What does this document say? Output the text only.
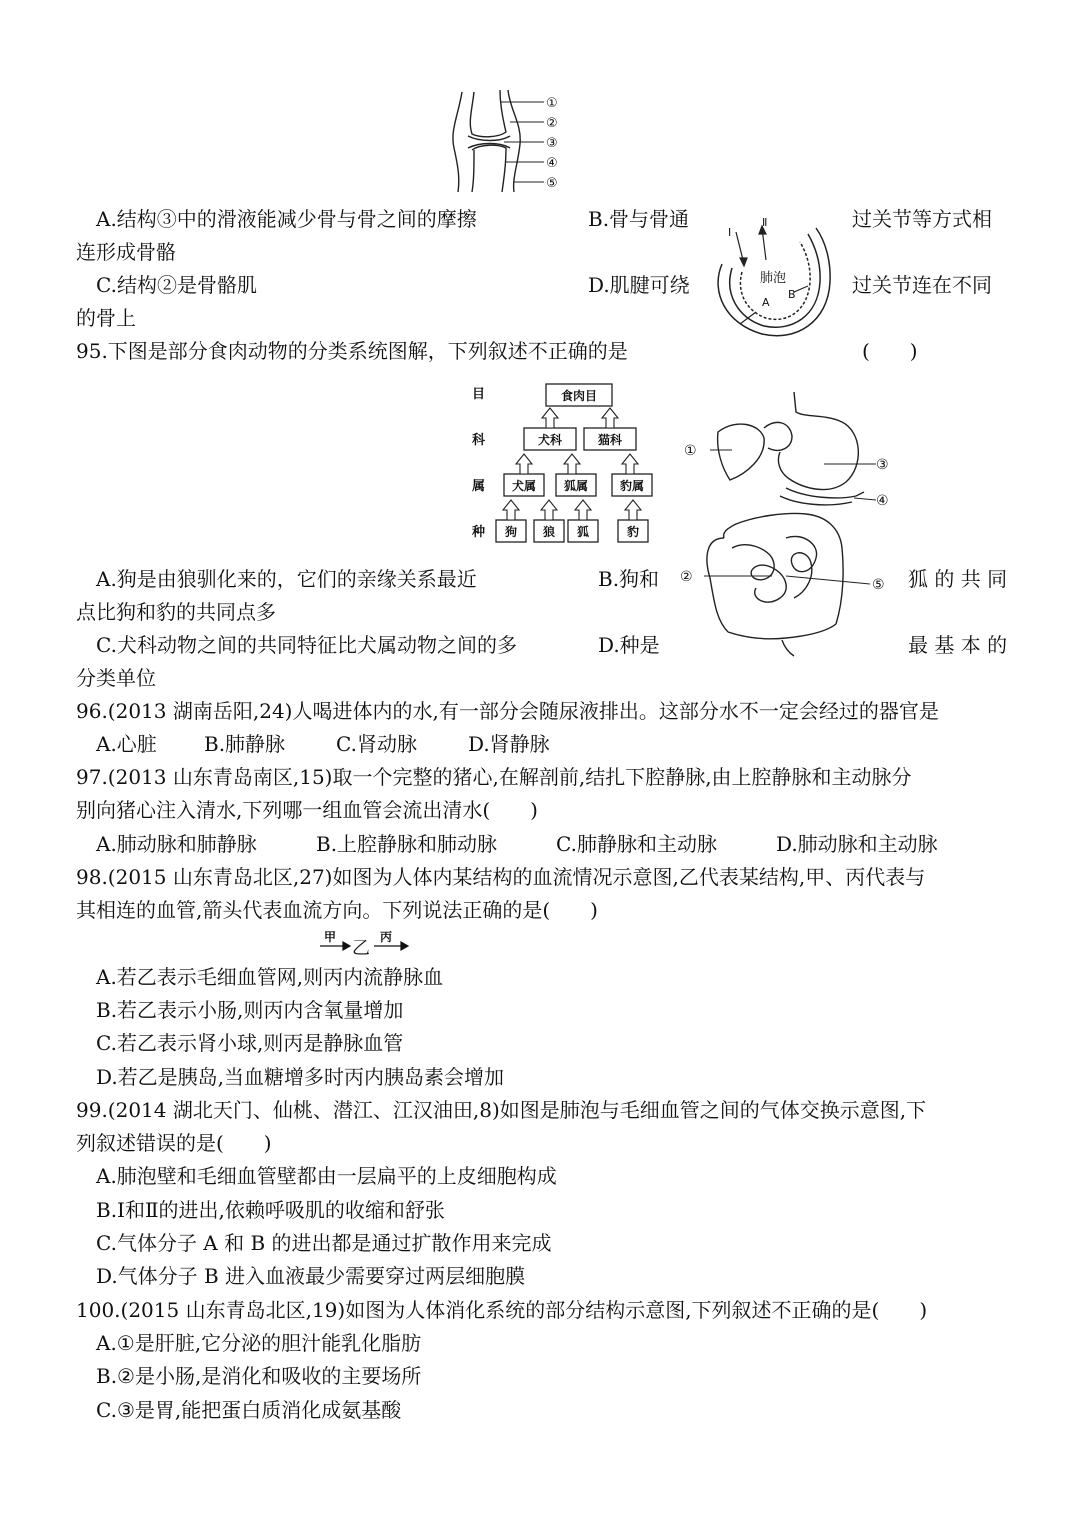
①
②
③
④
⑤
I
Ⅱ
肺泡
A
B
目
科
属
种
食肉目
犬科	猫科
犬属 狐属	豹属
狗 狼 狐	豹
①
③
④
②	⑤
A.结构③中的滑液能减少骨与骨之间的摩擦	B.骨与骨通	过关节等方式相
连形成骨骼
C.结构②是骨骼肌	D.肌腱可绕	过关节连在不同
的骨上
95.下图是部分食肉动物的分类系统图解，下列叙述不正确的是	(　　)
A.狗是由狼驯化来的，它们的亲缘关系最近	B.狗和	狐 的 共 同
点比狗和豹的共同点多
C.犬科动物之间的共同特征比犬属动物之间的多	D.种是	最 基 本 的
分类单位
96.(2013 湖南岳阳,24)人喝进体内的水,有一部分会随尿液排出。这部分水不一定会经过的器官是
A.心脏 B.肺静脉	C.肾动脉	D.肾静脉
97.(2013 山东青岛南区,15)取一个完整的猪心,在解剖前,结扎下腔静脉,由上腔静脉和主动脉分
别向猪心注入清水,下列哪一组血管会流出清水(　　)
A.肺动脉和肺静脉	B.上腔静脉和肺动脉	C.肺静脉和主动脉	D.肺动脉和主动脉
98.(2015 山东青岛北区,27)如图为人体内某结构的血流情况示意图,乙代表某结构,甲、丙代表与
其相连的血管,箭头代表血流方向。下列说法正确的是(　　)
甲
乙
丙
A.若乙表示毛细血管网,则丙内流静脉血
B.若乙表示小肠,则丙内含氧量增加
C.若乙表示肾小球,则丙是静脉血管
D.若乙是胰岛,当血糖增多时丙内胰岛素会增加
99.(2014 湖北天门、仙桃、潜江、江汉油田,8)如图是肺泡与毛细血管之间的气体交换示意图,下
列叙述错误的是(　　)
A.肺泡壁和毛细血管壁都由一层扁平的上皮细胞构成
B.Ⅰ和Ⅱ的进出,依赖呼吸肌的收缩和舒张
C.气体分子 A 和 B 的进出都是通过扩散作用来完成
D.气体分子 B 进入血液最少需要穿过两层细胞膜
100.(2015 山东青岛北区,19)如图为人体消化系统的部分结构示意图,下列叙述不正确的是(　　)
A.①是肝脏,它分泌的胆汁能乳化脂肪
B.②是小肠,是消化和吸收的主要场所
C.③是胃,能把蛋白质消化成氨基酸
